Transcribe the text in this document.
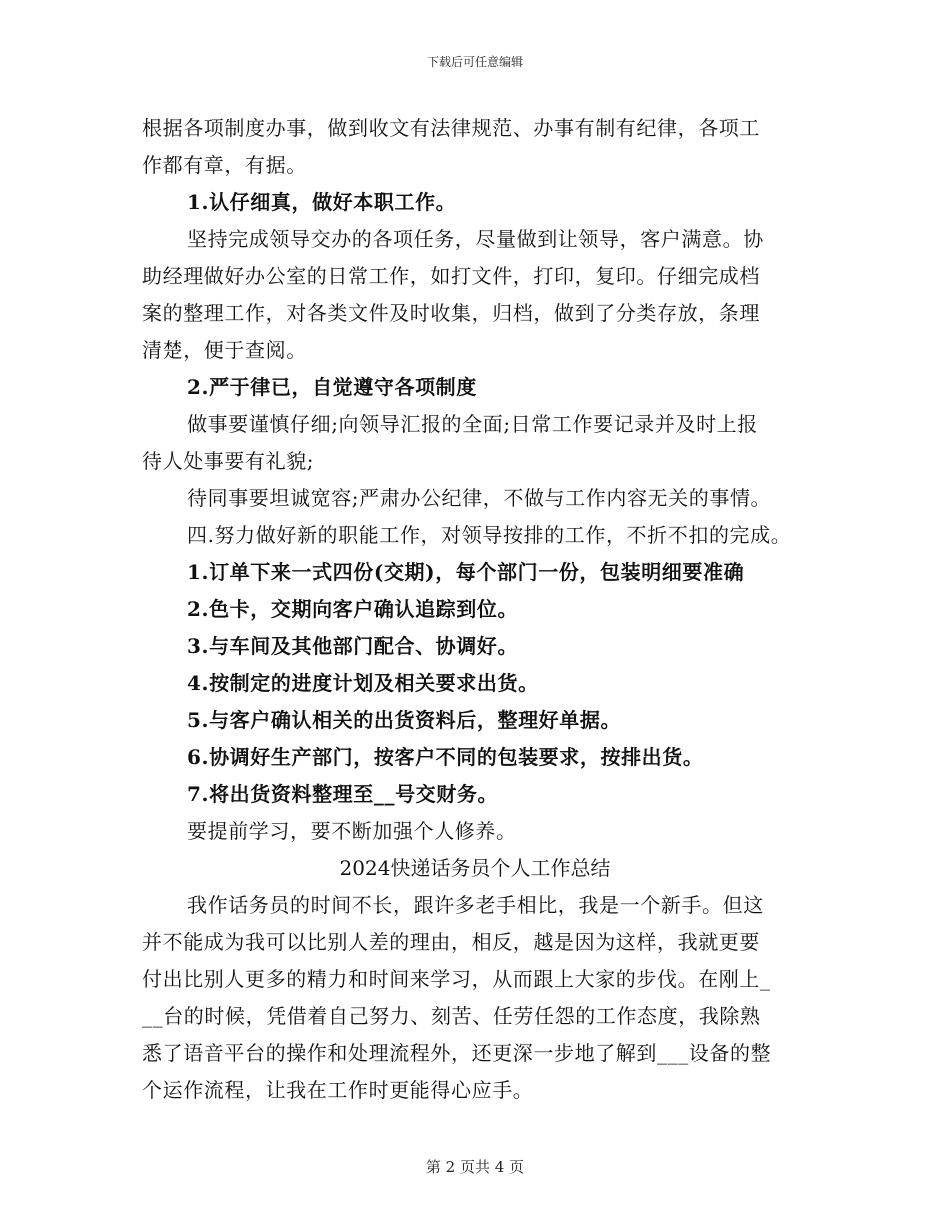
下载后可任意编辑
根据各项制度办事，做到收文有法律规范、办事有制有纪律，各项工
作都有章，有据。
1.认仔细真，做好本职工作。
坚持完成领导交办的各项任务，尽量做到让领导，客户满意。协
助经理做好办公室的日常工作，如打文件，打印，复印。仔细完成档
案的整理工作，对各类文件及时收集，归档，做到了分类存放，条理
清楚，便于查阅。
2.严于律已，自觉遵守各项制度
做事要谨慎仔细;向领导汇报的全面;日常工作要记录并及时上报
待人处事要有礼貌;
待同事要坦诚宽容;严肃办公纪律，不做与工作内容无关的事情。
四.努力做好新的职能工作，对领导按排的工作，不折不扣的完成。
1.订单下来一式四份(交期)，每个部门一份，包装明细要准确
2.色卡，交期向客户确认追踪到位。
3.与车间及其他部门配合、协调好。
4.按制定的进度计划及相关要求出货。
5.与客户确认相关的出货资料后，整理好单据。
6.协调好生产部门，按客户不同的包装要求，按排出货。
7.将出货资料整理至__号交财务。
要提前学习，要不断加强个人修养。
2024快递话务员个人工作总结
我作话务员的时间不长，跟许多老手相比，我是一个新手。但这
并不能成为我可以比别人差的理由，相反，越是因为这样，我就更要
付出比别人更多的精力和时间来学习，从而跟上大家的步伐。在刚上_
__台的时候，凭借着自己努力、刻苦、任劳任怨的工作态度，我除熟
悉了语音平台的操作和处理流程外，还更深一步地了解到___设备的整
个运作流程，让我在工作时更能得心应手。
第 2 页共 4 页
